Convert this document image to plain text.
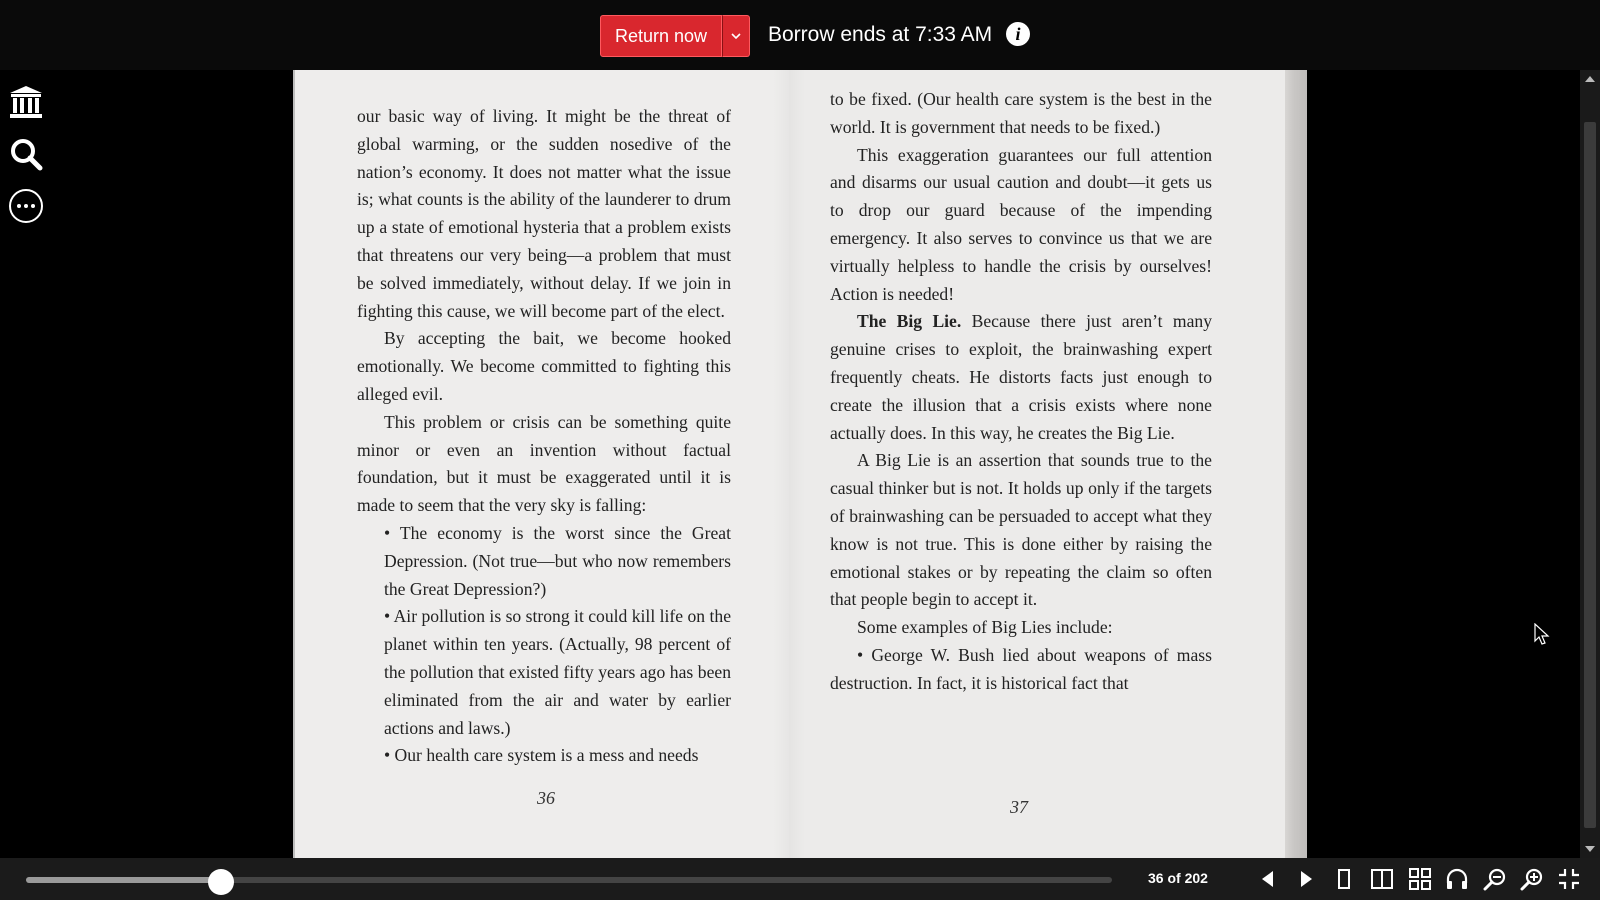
Return now	Borrow ends at 7:33 AM	i

our basic way of living. It might be the threat of global warming, or the sudden nosedive of the nation’s economy. It does not matter what the issue is; what counts is the ability of the launderer to drum up a state of emotional hysteria that a problem exists that threatens our very being—a problem that must be solved immediately, without delay. If we join in fighting this cause, we will become part of the elect.

By accepting the bait, we become hooked emotionally. We become committed to fighting this alleged evil.

This problem or crisis can be something quite minor or even an invention without factual foundation, but it must be exaggerated until it is made to seem that the very sky is falling:

• The economy is the worst since the Great Depression. (Not true—but who now remembers the Great Depression?)

• Air pollution is so strong it could kill life on the planet within ten years. (Actually, 98 percent of the pollution that existed fifty years ago has been eliminated from the air and water by earlier actions and laws.)

• Our health care system is a mess and needs

36

to be fixed. (Our health care system is the best in the world. It is government that needs to be fixed.)

This exaggeration guarantees our full attention and disarms our usual caution and doubt—it gets us to drop our guard because of the impending emergency. It also serves to convince us that we are virtually helpless to handle the crisis by ourselves! Action is needed!

The Big Lie. Because there just aren’t many genuine crises to exploit, the brainwashing expert frequently cheats. He distorts facts just enough to create the illusion that a crisis exists where none actually does. In this way, he creates the Big Lie.

A Big Lie is an assertion that sounds true to the casual thinker but is not. It holds up only if the targets of brainwashing can be persuaded to accept what they know is not true. This is done either by raising the emotional stakes or by repeating the claim so often that people begin to accept it.

Some examples of Big Lies include:

• George W. Bush lied about weapons of mass destruction. In fact, it is historical fact that

37
36 of 202
